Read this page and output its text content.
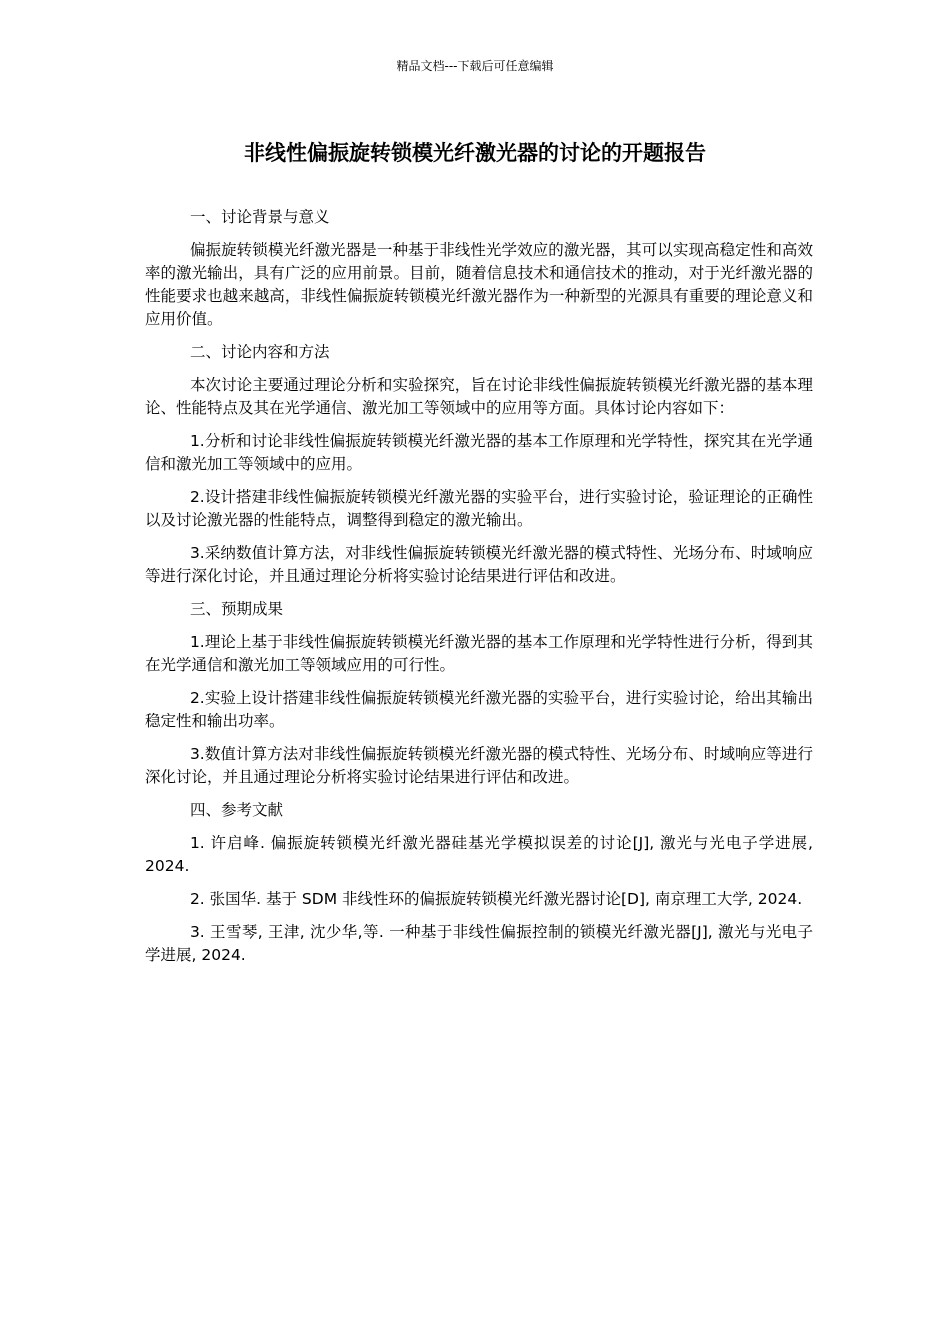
精品文档---下载后可任意编辑
非线性偏振旋转锁模光纤激光器的讨论的开题报告

一、讨论背景与意义

偏振旋转锁模光纤激光器是一种基于非线性光学效应的激光器，其可以实现高稳定性和高效率的激光输出，具有广泛的应用前景。目前，随着信息技术和通信技术的推动，对于光纤激光器的性能要求也越来越高，非线性偏振旋转锁模光纤激光器作为一种新型的光源具有重要的理论意义和应用价值。

二、讨论内容和方法

本次讨论主要通过理论分析和实验探究，旨在讨论非线性偏振旋转锁模光纤激光器的基本理论、性能特点及其在光学通信、激光加工等领域中的应用等方面。具体讨论内容如下：

1.分析和讨论非线性偏振旋转锁模光纤激光器的基本工作原理和光学特性，探究其在光学通信和激光加工等领域中的应用。

2.设计搭建非线性偏振旋转锁模光纤激光器的实验平台，进行实验讨论，验证理论的正确性以及讨论激光器的性能特点，调整得到稳定的激光输出。

3.采纳数值计算方法，对非线性偏振旋转锁模光纤激光器的模式特性、光场分布、时域响应等进行深化讨论，并且通过理论分析将实验讨论结果进行评估和改进。

三、预期成果

1.理论上基于非线性偏振旋转锁模光纤激光器的基本工作原理和光学特性进行分析，得到其在光学通信和激光加工等领域应用的可行性。

2.实验上设计搭建非线性偏振旋转锁模光纤激光器的实验平台，进行实验讨论，给出其输出稳定性和输出功率。

3.数值计算方法对非线性偏振旋转锁模光纤激光器的模式特性、光场分布、时域响应等进行深化讨论，并且通过理论分析将实验讨论结果进行评估和改进。

四、参考文献

1. 许启峰. 偏振旋转锁模光纤激光器硅基光学模拟误差的讨论[J], 激光与光电子学进展, 2024.

2. 张国华. 基于 SDM 非线性环的偏振旋转锁模光纤激光器讨论[D], 南京理工大学, 2024.

3. 王雪琴, 王津, 沈少华,等. 一种基于非线性偏振控制的锁模光纤激光器[J], 激光与光电子学进展, 2024.
